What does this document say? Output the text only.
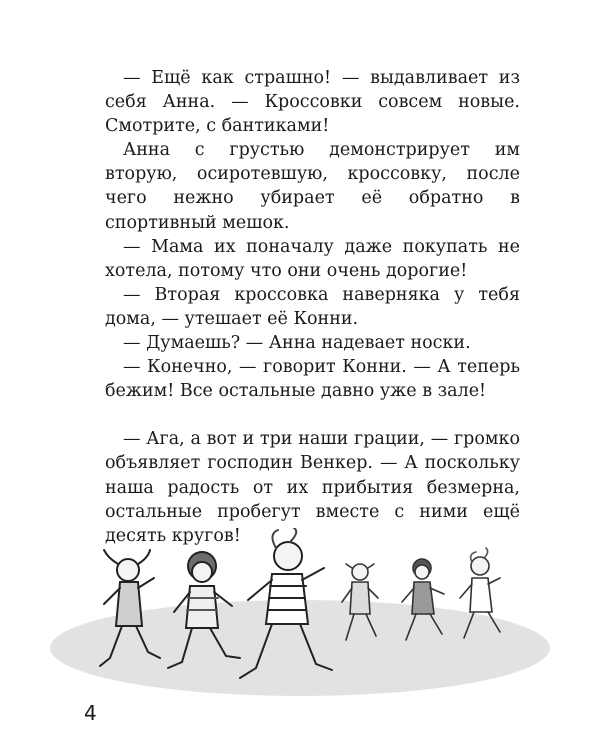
— Ещё как страшно! — выдавливает из себя Анна. — Кроссовки совсем новые. Смотрите, с бантиками!

Анна с грустью демонстрирует им вторую, осиротевшую, кроссовку, после чего нежно убирает её обратно в спортивный мешок.

— Мама их поначалу даже покупать не хотела, потому что они очень дорогие!

— Вторая кроссовка наверняка у тебя дома, — утешает её Конни.

— Думаешь? — Анна надевает носки.

— Конечно, — говорит Конни. — А теперь бежим! Все остальные давно уже в зале!

— Ага, а вот и три наши грации, — громко объявляет господин Венкер. — А поскольку наша радость от их прибытия безмерна, остальные пробегут вместе с ними ещё десять кругов!

4
